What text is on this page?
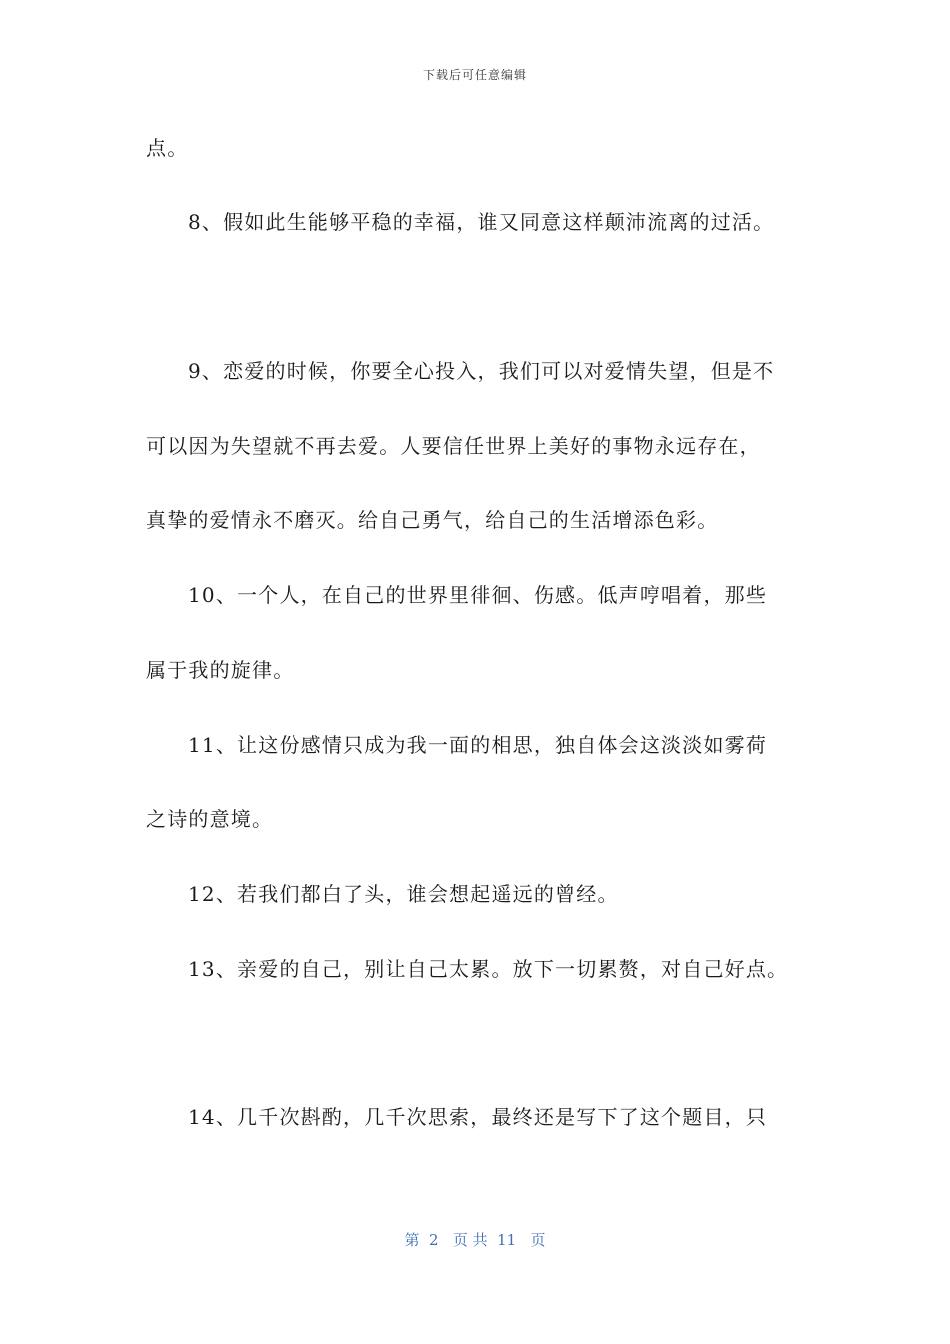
下载后可任意编辑
点。
8、假如此生能够平稳的幸福，谁又同意这样颠沛流离的过活。
9、恋爱的时候，你要全心投入，我们可以对爱情失望，但是不
可以因为失望就不再去爱。人要信任世界上美好的事物永远存在，
真挚的爱情永不磨灭。给自己勇气，给自己的生活增添色彩。
10、一个人，在自己的世界里徘徊、伤感。低声哼唱着，那些
属于我的旋律。
11、让这份感情只成为我一面的相思，独自体会这淡淡如雾荷
之诗的意境。
12、若我们都白了头，谁会想起遥远的曾经。
13、亲爱的自己，别让自己太累。放下一切累赘，对自己好点。
14、几千次斟酌，几千次思索，最终还是写下了这个题目，只
第  2   页 共  11   页
